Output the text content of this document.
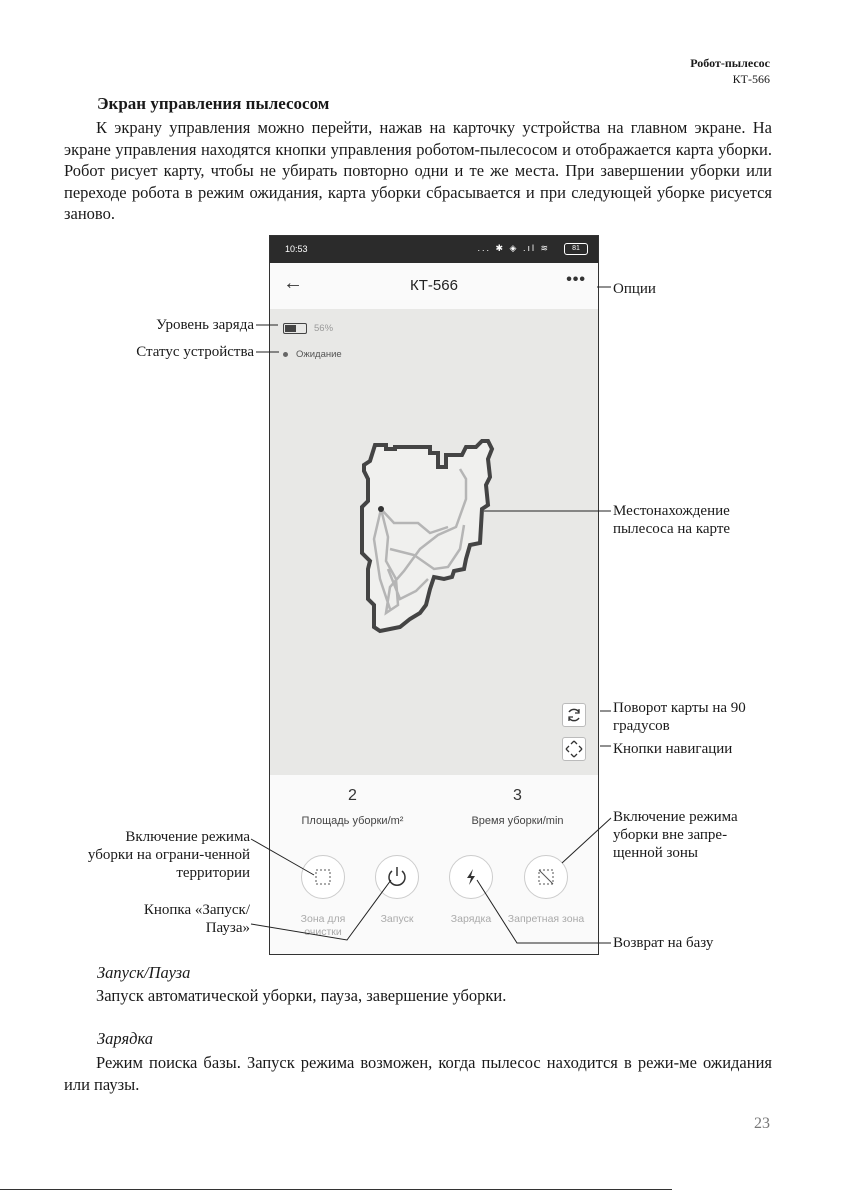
Робот-пылесос
КТ-566
Экран управления пылесосом
К экрану управления можно перейти, нажав на карточку устройства на главном экране. На экране управления находятся кнопки управления роботом-пылесосом и отображается карта уборки. Робот рисует карту, чтобы не убирать повторно одни и те же места. При завершении уборки или переходе робота в режим ожидания, карта уборки сбрасывается и при следующей уборке рисуется заново.
10:53	... ✱ ◈ .ıl ≋	81
←	КТ-566	•••
56%
Ожидание
2
Площадь уборки/m²
3
Время уборки/min
Зона для очистки
Запуск	Зарядка	Запретная зона
Опции
Уровень заряда
Статус устройства
Местонахождение пылесоса на карте
Поворот карты на 90 градусов
Кнопки навигации
Включение режима уборки вне запре-щенной зоны
Включение режима уборки на ограни-ченной территории
Кнопка «Запуск/Пауза»
Возврат на базу
Запуск/Пауза
Запуск автоматической уборки, пауза, завершение уборки.
Зарядка
Режим поиска базы. Запуск режима возможен, когда пылесос находится в режи-ме ожидания или паузы.
23
